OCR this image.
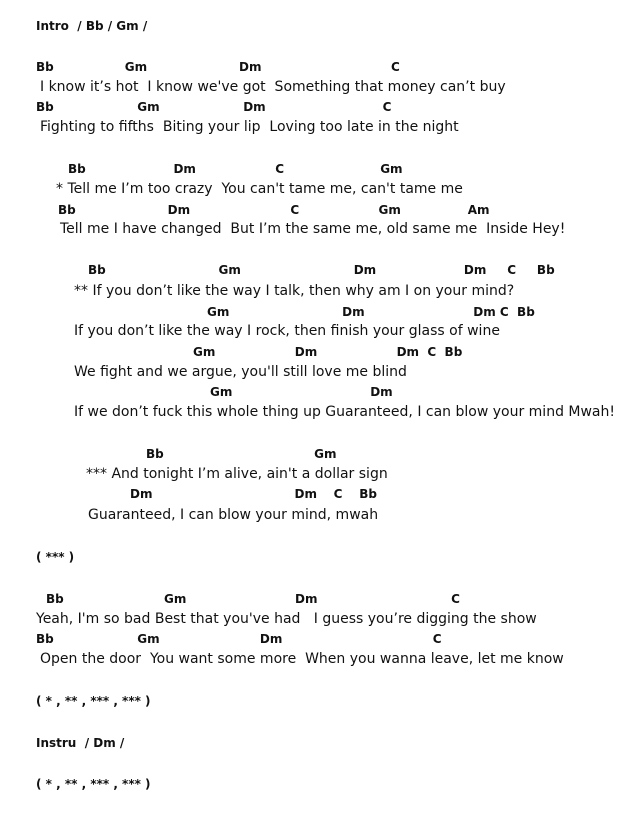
Intro  / Bb / Gm /
Bb                 Gm                      Dm                               C
I know it’s hot  I know we've got  Something that money can’t buy
Bb                    Gm                    Dm                            C
Fighting to fifths  Biting your lip  Loving too late in the night
Bb                     Dm                   C                       Gm
* Tell me I’m too crazy  You can't tame me, can't tame me
Bb                      Dm                        C                   Gm                Am
Tell me I have changed  But I’m the same me, old same me  Inside Hey!
Bb                           Gm                           Dm                     Dm     C     Bb
** If you don’t like the way I talk, then why am I on your mind?
Gm                           Dm                          Dm C  Bb
If you don’t like the way I rock, then finish your glass of wine
Gm                   Dm                   Dm  C  Bb
We fight and we argue, you'll still love me blind
Gm                                 Dm
If we don’t fuck this whole thing up Guaranteed, I can blow your mind Mwah!
Bb                                    Gm
*** And tonight I’m alive, ain't a dollar sign
Dm                                  Dm    C    Bb
Guaranteed, I can blow your mind, mwah
( *** )
Bb                        Gm                          Dm                                C
Yeah, I'm so bad Best that you've had   I guess you’re digging the show
Bb                    Gm                        Dm                                    C
Open the door  You want some more  When you wanna leave, let me know
( * , ** , *** , *** )
Instru  / Dm /
( * , ** , *** , *** )
